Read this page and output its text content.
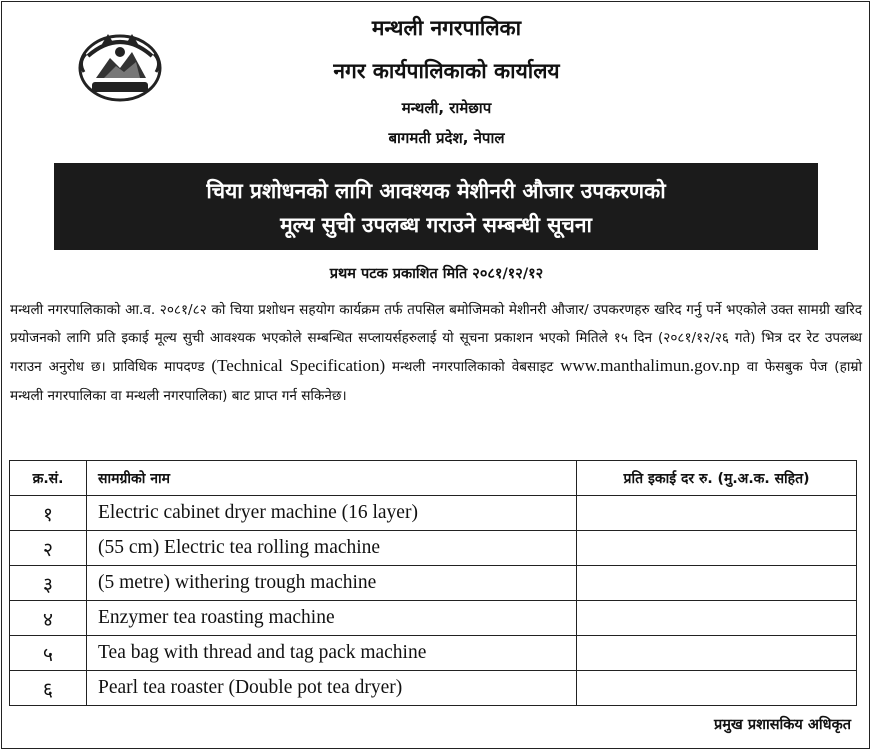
मन्थली नगरपालिका
नगर कार्यपालिकाको कार्यालय
मन्थली, रामेछाप
बागमती प्रदेश, नेपाल
चिया प्रशोधनको लागि आवश्यक मेशीनरी औजार उपकरणको
मूल्य सुची उपलब्ध गराउने सम्बन्धी सूचना
प्रथम पटक प्रकाशित मिति २०८१/१२/१२
मन्थली नगरपालिकाको आ.व. २०८१/८२ को चिया प्रशोधन सहयोग कार्यक्रम तर्फ तपसिल बमोजिमको मेशीनरी औजार/ उपकरणहरु खरिद गर्नु पर्ने भएकोले उक्त सामग्री खरिद प्रयोजनको लागि प्रति इकाई मूल्य सुची आवश्यक भएकोले सम्बन्धित सप्लायर्सहरुलाई यो सूचना प्रकाशन भएको मितिले १५ दिन (२०८१/१२/२६ गते) भित्र दर रेट उपलब्ध गराउन अनुरोध छ। प्राविधिक मापदण्ड (Technical Specification) मन्थली नगरपालिकाको वेबसाइट www.manthalimun.gov.np वा फेसबुक पेज (हाम्रो मन्थली नगरपालिका वा मन्थली नगरपालिका) बाट प्राप्त गर्न सकिनेछ।
क्र.सं.	सामग्रीको नाम	प्रति इकाई दर रु. (मु.अ.क. सहित)
१	Electric cabinet dryer machine (16 layer)	
२	(55 cm) Electric tea rolling machine	
३	(5 metre) withering trough machine	
४	Enzymer tea roasting machine	
५	Tea bag with thread and tag pack machine	
६	Pearl tea roaster (Double pot tea dryer)	
प्रमुख प्रशासकिय अधिकृत
